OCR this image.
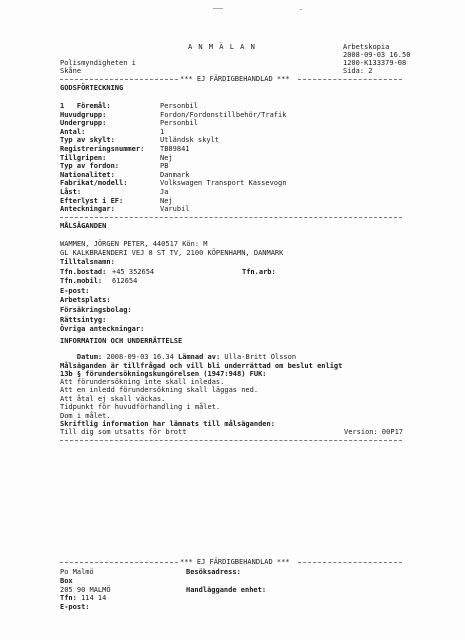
A N M Ä L A N	Arbetskopia
2008-09-03 16.50
Polismyndigheten i	1200-K133379-08
Skåne	Sida: 2
*** EJ FÄRDIGBEHANDLAD ***
GODSFÖRTECKNING
1   Föremål:	Personbil
Huvudgrupp:	Fordon/Fordonstillbehör/Trafik
Undergrupp:	Personbil
Antal:	1
Typ av skylt:	Utländsk skylt
Registreringsnummer: TB89841
Tillgripen:	Nej
Typ av fordon:	PB
Nationalitet:	Danmark
Fabrikat/modell:	Volkswagen Transport Kassevogn
Låst:	Ja
Efterlyst i EF:	Nej
Anteckningar:	Varubil
MÅLSÄGANDEN
WAMMEN, JÖRGEN PETER, 440517 Kön: M
GL KALKBRAENDERI VEJ 8 ST TV, 2100 KÖPENHAMN, DANMARK
Tilltalsnamn:
Tfn.bostad: +45 352654	Tfn.arb:
Tfn.mobil: 612654
E-post:
Arbetsplats:
Försäkringsbolag:
Rättsintyg:
Övriga anteckningar:
INFORMATION OCH UNDERRÄTTELSE

Datum: 2008-09-03 16.34 Lämnad av: Ulla-Britt Olsson

Målsäganden är tillfrågad och vill bli underrättad om beslut enligt
13b § förundersökningskungörelsen (1947:948) FUK:
Att förundersökning inte skall inledas.
Att en inledd förundersökning skall läggas ned.
Att åtal ej skall väckas.
Tidpunkt för huvudförhandling i målet.
Dom i målet.
Skriftlig information har lämnats till målsäganden:
Till dig som utsatts för brott	Version: 00P17
*** EJ FÄRDIGBEHANDLAD ***
Po Malmö	Besöksadress:
Box
205 90 MALMÖ	Handläggande enhet:
Tfn: 114 14
E-post:
